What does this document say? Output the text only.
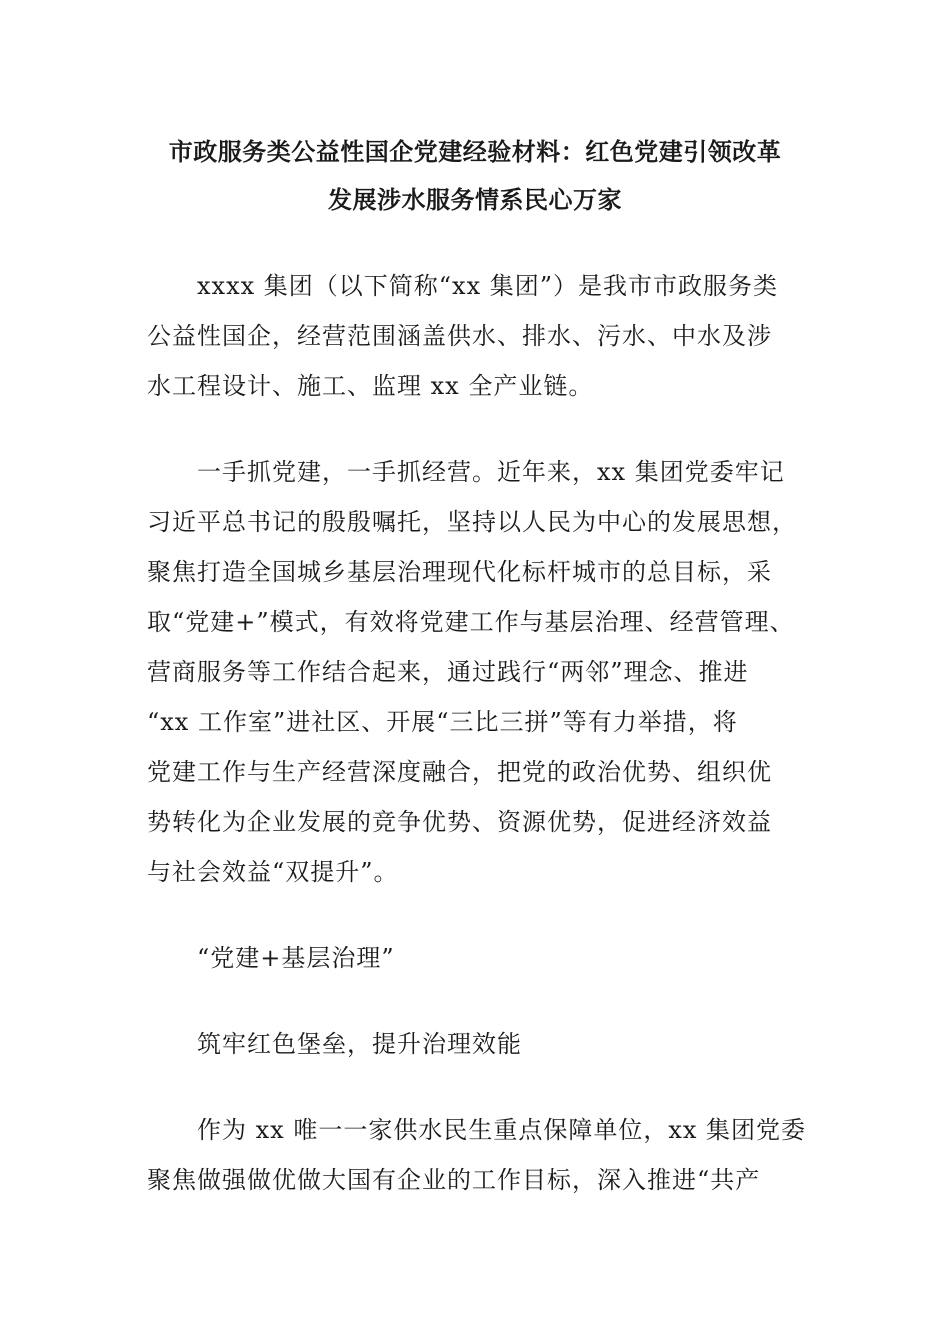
市政服务类公益性国企党建经验材料：红色党建引领改革
发展涉水服务情系民心万家
xxxx 集团（以下简称“xx 集团”）是我市市政服务类
公益性国企，经营范围涵盖供水、排水、污水、中水及涉
水工程设计、施工、监理 xx 全产业链。
一手抓党建，一手抓经营。近年来，xx 集团党委牢记
习近平总书记的殷殷嘱托，坚持以人民为中心的发展思想，
聚焦打造全国城乡基层治理现代化标杆城市的总目标，采
取“党建+”模式，有效将党建工作与基层治理、经营管理、
营商服务等工作结合起来，通过践行“两邻”理念、推进
“xx 工作室”进社区、开展“三比三拼”等有力举措，将
党建工作与生产经营深度融合，把党的政治优势、组织优
势转化为企业发展的竞争优势、资源优势，促进经济效益
与社会效益“双提升”。
“党建+基层治理”
筑牢红色堡垒，提升治理效能
作为 xx 唯一一家供水民生重点保障单位，xx 集团党委
聚焦做强做优做大国有企业的工作目标，深入推进“共产
